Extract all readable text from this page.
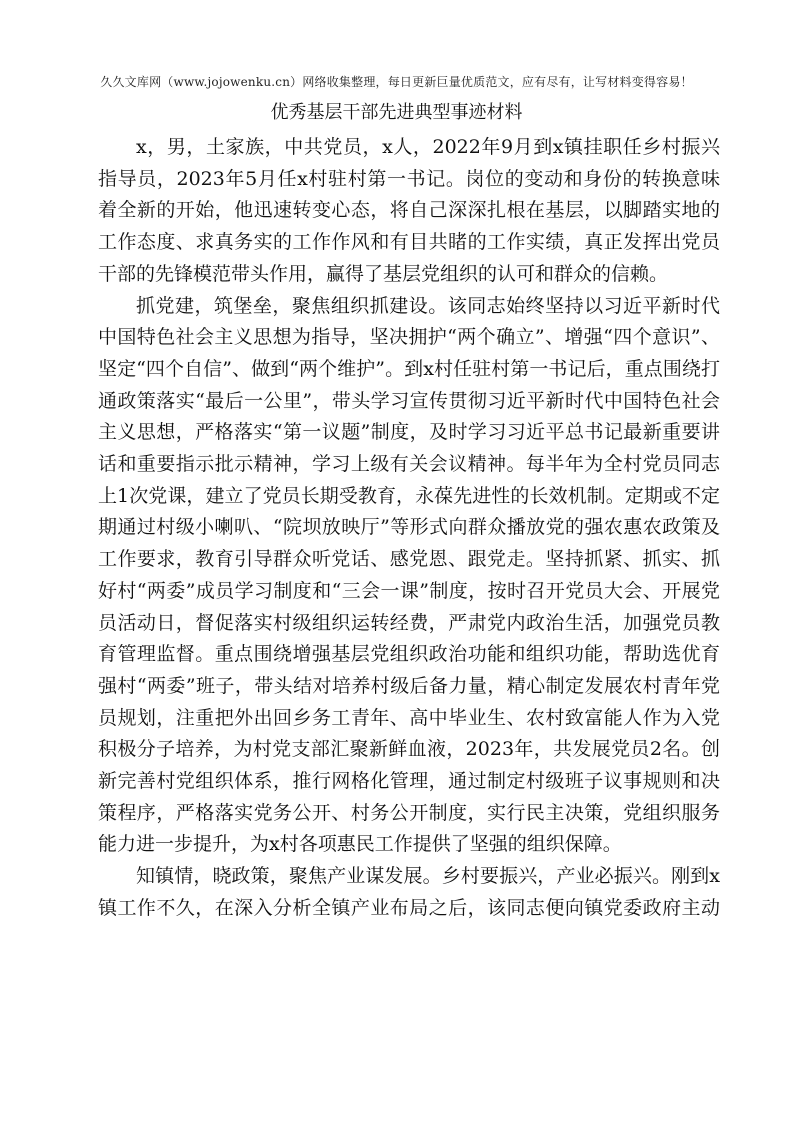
久久文库网（www.jojowenku.cn）网络收集整理，每日更新巨量优质范文，应有尽有，让写材料变得容易！
优秀基层干部先进典型事迹材料

x，男，土家族，中共党员，x人，2022年9月到x镇挂职任乡村振兴指导员，2023年5月任x村驻村第一书记。岗位的变动和身份的转换意味着全新的开始，他迅速转变心态，将自己深深扎根在基层，以脚踏实地的工作态度、求真务实的工作作风和有目共睹的工作实绩，真正发挥出党员干部的先锋模范带头作用，赢得了基层党组织的认可和群众的信赖。

抓党建，筑堡垒，聚焦组织抓建设。该同志始终坚持以习近平新时代中国特色社会主义思想为指导，坚决拥护“两个确立”、增强“四个意识”、坚定“四个自信”、做到“两个维护”。到x村任驻村第一书记后，重点围绕打通政策落实“最后一公里”，带头学习宣传贯彻习近平新时代中国特色社会主义思想，严格落实“第一议题”制度，及时学习习近平总书记最新重要讲话和重要指示批示精神，学习上级有关会议精神。每半年为全村党员同志上1次党课，建立了党员长期受教育，永葆先进性的长效机制。定期或不定期通过村级小喇叭、“院坝放映厅”等形式向群众播放党的强农惠农政策及工作要求，教育引导群众听党话、感党恩、跟党走。坚持抓紧、抓实、抓好村“两委”成员学习制度和“三会一课”制度，按时召开党员大会、开展党员活动日，督促落实村级组织运转经费，严肃党内政治生活，加强党员教育管理监督。重点围绕增强基层党组织政治功能和组织功能，帮助选优育强村“两委”班子，带头结对培养村级后备力量，精心制定发展农村青年党员规划，注重把外出回乡务工青年、高中毕业生、农村致富能人作为入党积极分子培养，为村党支部汇聚新鲜血液，2023年，共发展党员2名。创新完善村党组织体系，推行网格化管理，通过制定村级班子议事规则和决策程序，严格落实党务公开、村务公开制度，实行民主决策，党组织服务能力进一步提升，为x村各项惠民工作提供了坚强的组织保障。

知镇情，晓政策，聚焦产业谋发展。乡村要振兴，产业必振兴。刚到x镇工作不久，在深入分析全镇产业布局之后，该同志便向镇党委政府主动
